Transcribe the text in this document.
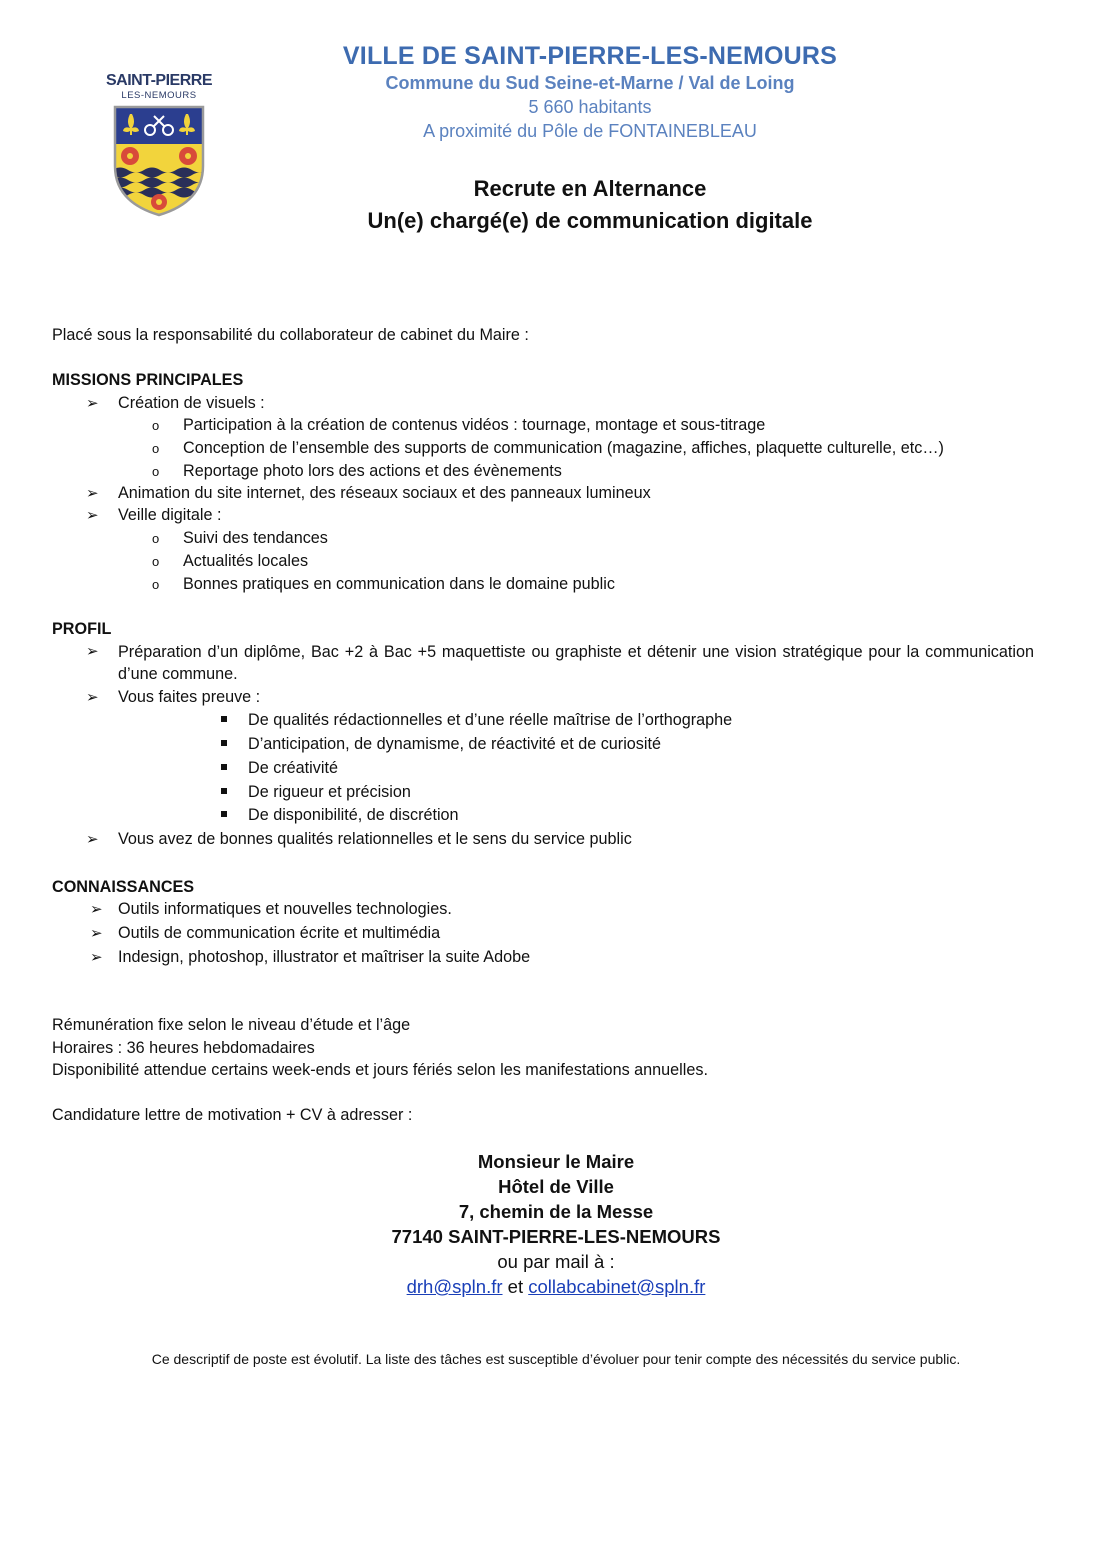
SAINT-PIERRE
LES-NEMOURS
VILLE DE SAINT-PIERRE-LES-NEMOURS
Commune du Sud Seine-et-Marne / Val de Loing
5 660 habitants
A proximité du Pôle de FONTAINEBLEAU
Recrute en Alternance
Un(e) chargé(e) de communication digitale
Placé sous la responsabilité du collaborateur de cabinet du Maire :
MISSIONS PRINCIPALES
➢ Création de visuels :
o Participation à la création de contenus vidéos : tournage, montage et sous-titrage
o Conception de l’ensemble des supports de communication (magazine, affiches, plaquette culturelle, etc…)
o Reportage photo lors des actions et des évènements
➢ Animation du site internet, des réseaux sociaux et des panneaux lumineux
➢ Veille digitale :
o Suivi des tendances
o Actualités locales
o Bonnes pratiques en communication dans le domaine public
PROFIL
➢ Préparation d’un diplôme, Bac +2 à Bac +5 maquettiste ou graphiste et détenir une vision stratégique pour la communication d’une commune.
➢ Vous faites preuve :
De qualités rédactionnelles et d’une réelle maîtrise de l’orthographe
D’anticipation, de dynamisme, de réactivité et de curiosité
De créativité
De rigueur et précision
De disponibilité, de discrétion
➢ Vous avez de bonnes qualités relationnelles et le sens du service public
CONNAISSANCES
➢ Outils informatiques et nouvelles technologies.
➢ Outils de communication écrite et multimédia
➢ Indesign, photoshop, illustrator et maîtriser la suite Adobe
Rémunération fixe selon le niveau d’étude et l’âge
Horaires : 36 heures hebdomadaires
Disponibilité attendue certains week-ends et jours fériés selon les manifestations annuelles.
Candidature lettre de motivation + CV à adresser :
Monsieur le Maire
Hôtel de Ville
7, chemin de la Messe
77140 SAINT-PIERRE-LES-NEMOURS
ou par mail à :
drh@spln.fr et collabcabinet@spln.fr
Ce descriptif de poste est évolutif. La liste des tâches est susceptible d’évoluer pour tenir compte des nécessités du service public.
